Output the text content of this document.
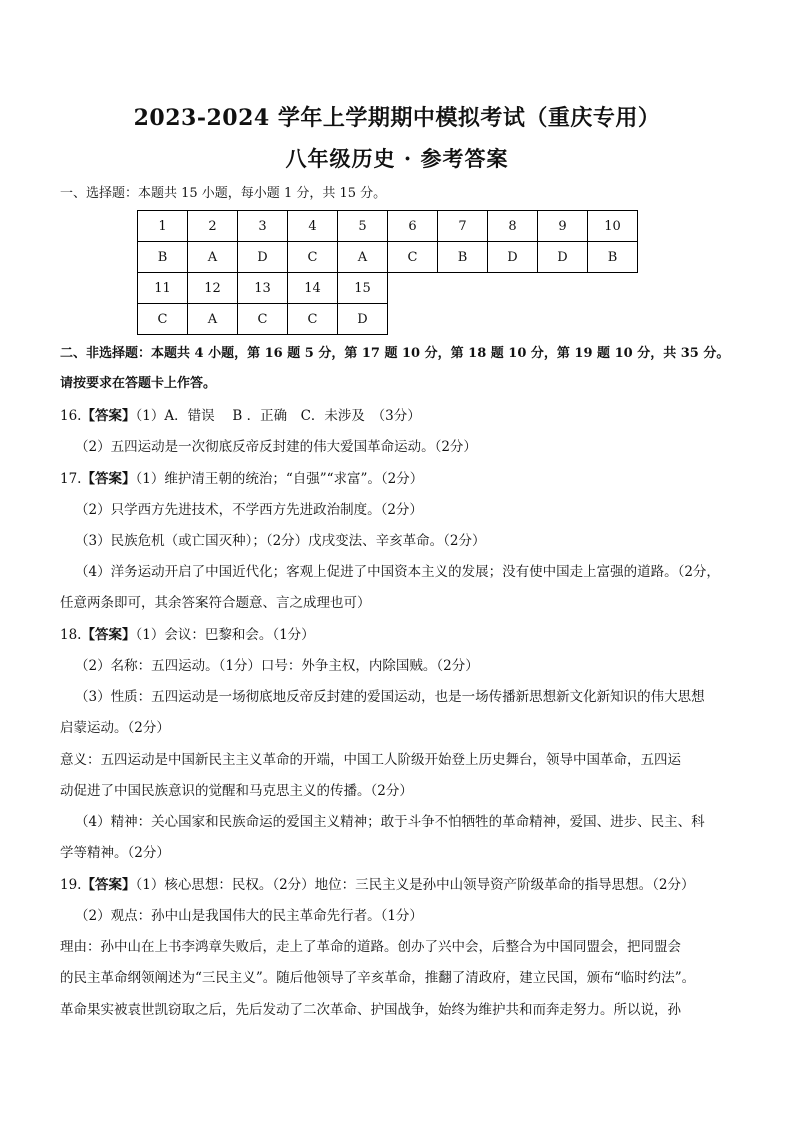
2023-2024 学年上学期期中模拟考试（重庆专用）
八年级历史 · 参考答案
一、选择题：本题共 15 小题，每小题 1 分，共 15 分。
1	2	3	4	5	6	7	8	9	10
B	A	D	C	A	C	B	D	D	B
11	12	13	14	15					
C	A	C	C	D					
二、非选择题：本题共 4 小题，第 16 题 5 分，第 17 题 10 分，第 18 题 10 分，第 19 题 10 分，共 35 分。
请按要求在答题卡上作答。
16.【答案】（1）A．错误　 B ．正确　C．未涉及　（3分）
（2）五四运动是一次彻底反帝反封建的伟大爱国革命运动。（2分）
17.【答案】（1）维护清王朝的统治；“自强”“求富”。（2分）
（2）只学西方先进技术，不学西方先进政治制度。（2分）
（3）民族危机（或亡国灭种）；（2分）戊戌变法、辛亥革命。（2分）
（4）洋务运动开启了中国近代化；客观上促进了中国资本主义的发展；没有使中国走上富强的道路。（2分，
任意两条即可，其余答案符合题意、言之成理也可）
18.【答案】（1）会议：巴黎和会。（1分）
（2）名称：五四运动。（1分）口号：外争主权，内除国贼。（2分）
（3）性质：五四运动是一场彻底地反帝反封建的爱国运动，也是一场传播新思想新文化新知识的伟大思想
启蒙运动。（2分）
意义：五四运动是中国新民主主义革命的开端，中国工人阶级开始登上历史舞台，领导中国革命，五四运
动促进了中国民族意识的觉醒和马克思主义的传播。（2分）
（4）精神：关心国家和民族命运的爱国主义精神；敢于斗争不怕牺牲的革命精神，爱国、进步、民主、科
学等精神。（2分）
19.【答案】（1）核心思想：民权。（2分）地位：三民主义是孙中山领导资产阶级革命的指导思想。（2分）
（2）观点：孙中山是我国伟大的民主革命先行者。（1分）
理由：孙中山在上书李鸿章失败后，走上了革命的道路。创办了兴中会，后整合为中国同盟会，把同盟会
的民主革命纲领阐述为“三民主义”。随后他领导了辛亥革命，推翻了清政府，建立民国，颁布“临时约法”。
革命果实被袁世凯窃取之后，先后发动了二次革命、护国战争，始终为维护共和而奔走努力。所以说，孙
